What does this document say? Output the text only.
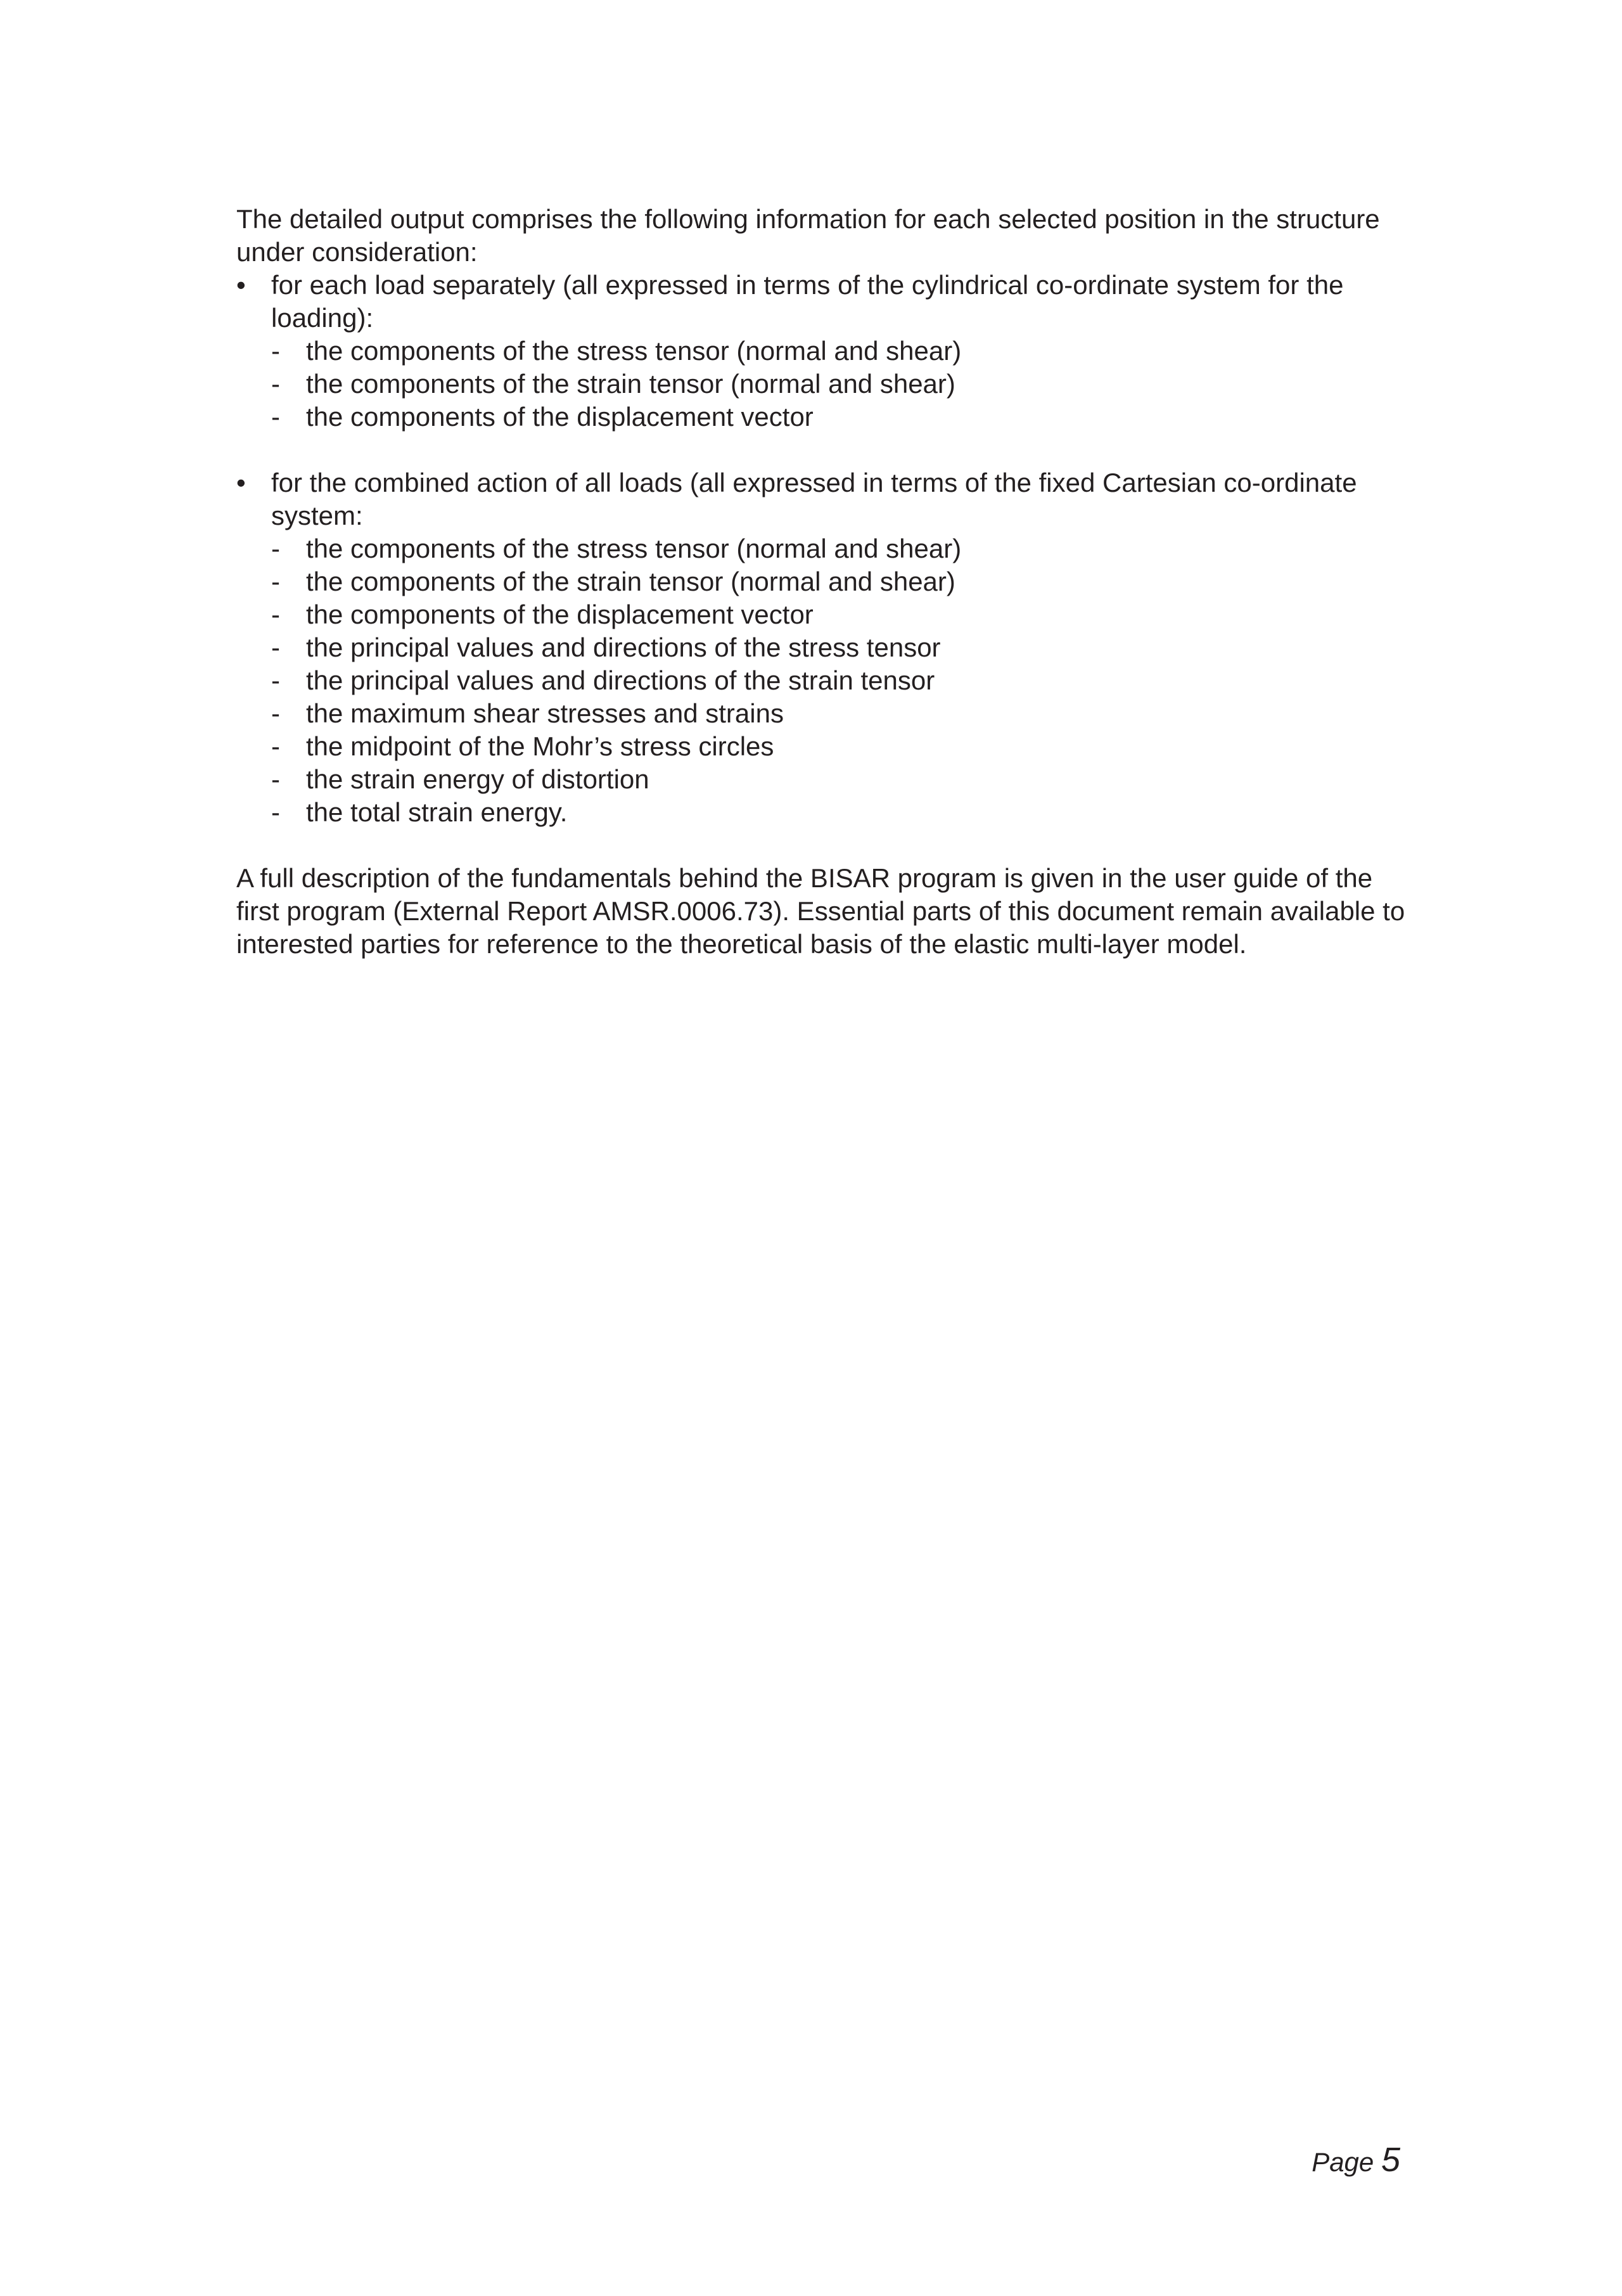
The detailed output comprises the following information for each selected position in the structure under consideration:

• for each load separately (all expressed in terms of the cylindrical co-ordinate system for the loading):
- the components of the stress tensor (normal and shear)
- the components of the strain tensor (normal and shear)
- the components of the displacement vector
• for the combined action of all loads (all expressed in terms of the fixed Cartesian co-ordinate system:
- the components of the stress tensor (normal and shear)
- the components of the strain tensor (normal and shear)
- the components of the displacement vector
- the principal values and directions of the stress tensor
- the principal values and directions of the strain tensor
- the maximum shear stresses and strains
- the midpoint of the Mohr’s stress circles
- the strain energy of distortion
- the total strain energy.

A full description of the fundamentals behind the BISAR program is given in the user guide of the first program (External Report AMSR.0006.73). Essential parts of this document remain available to interested parties for reference to the theoretical basis of the elastic multi-layer model.

Page 5
